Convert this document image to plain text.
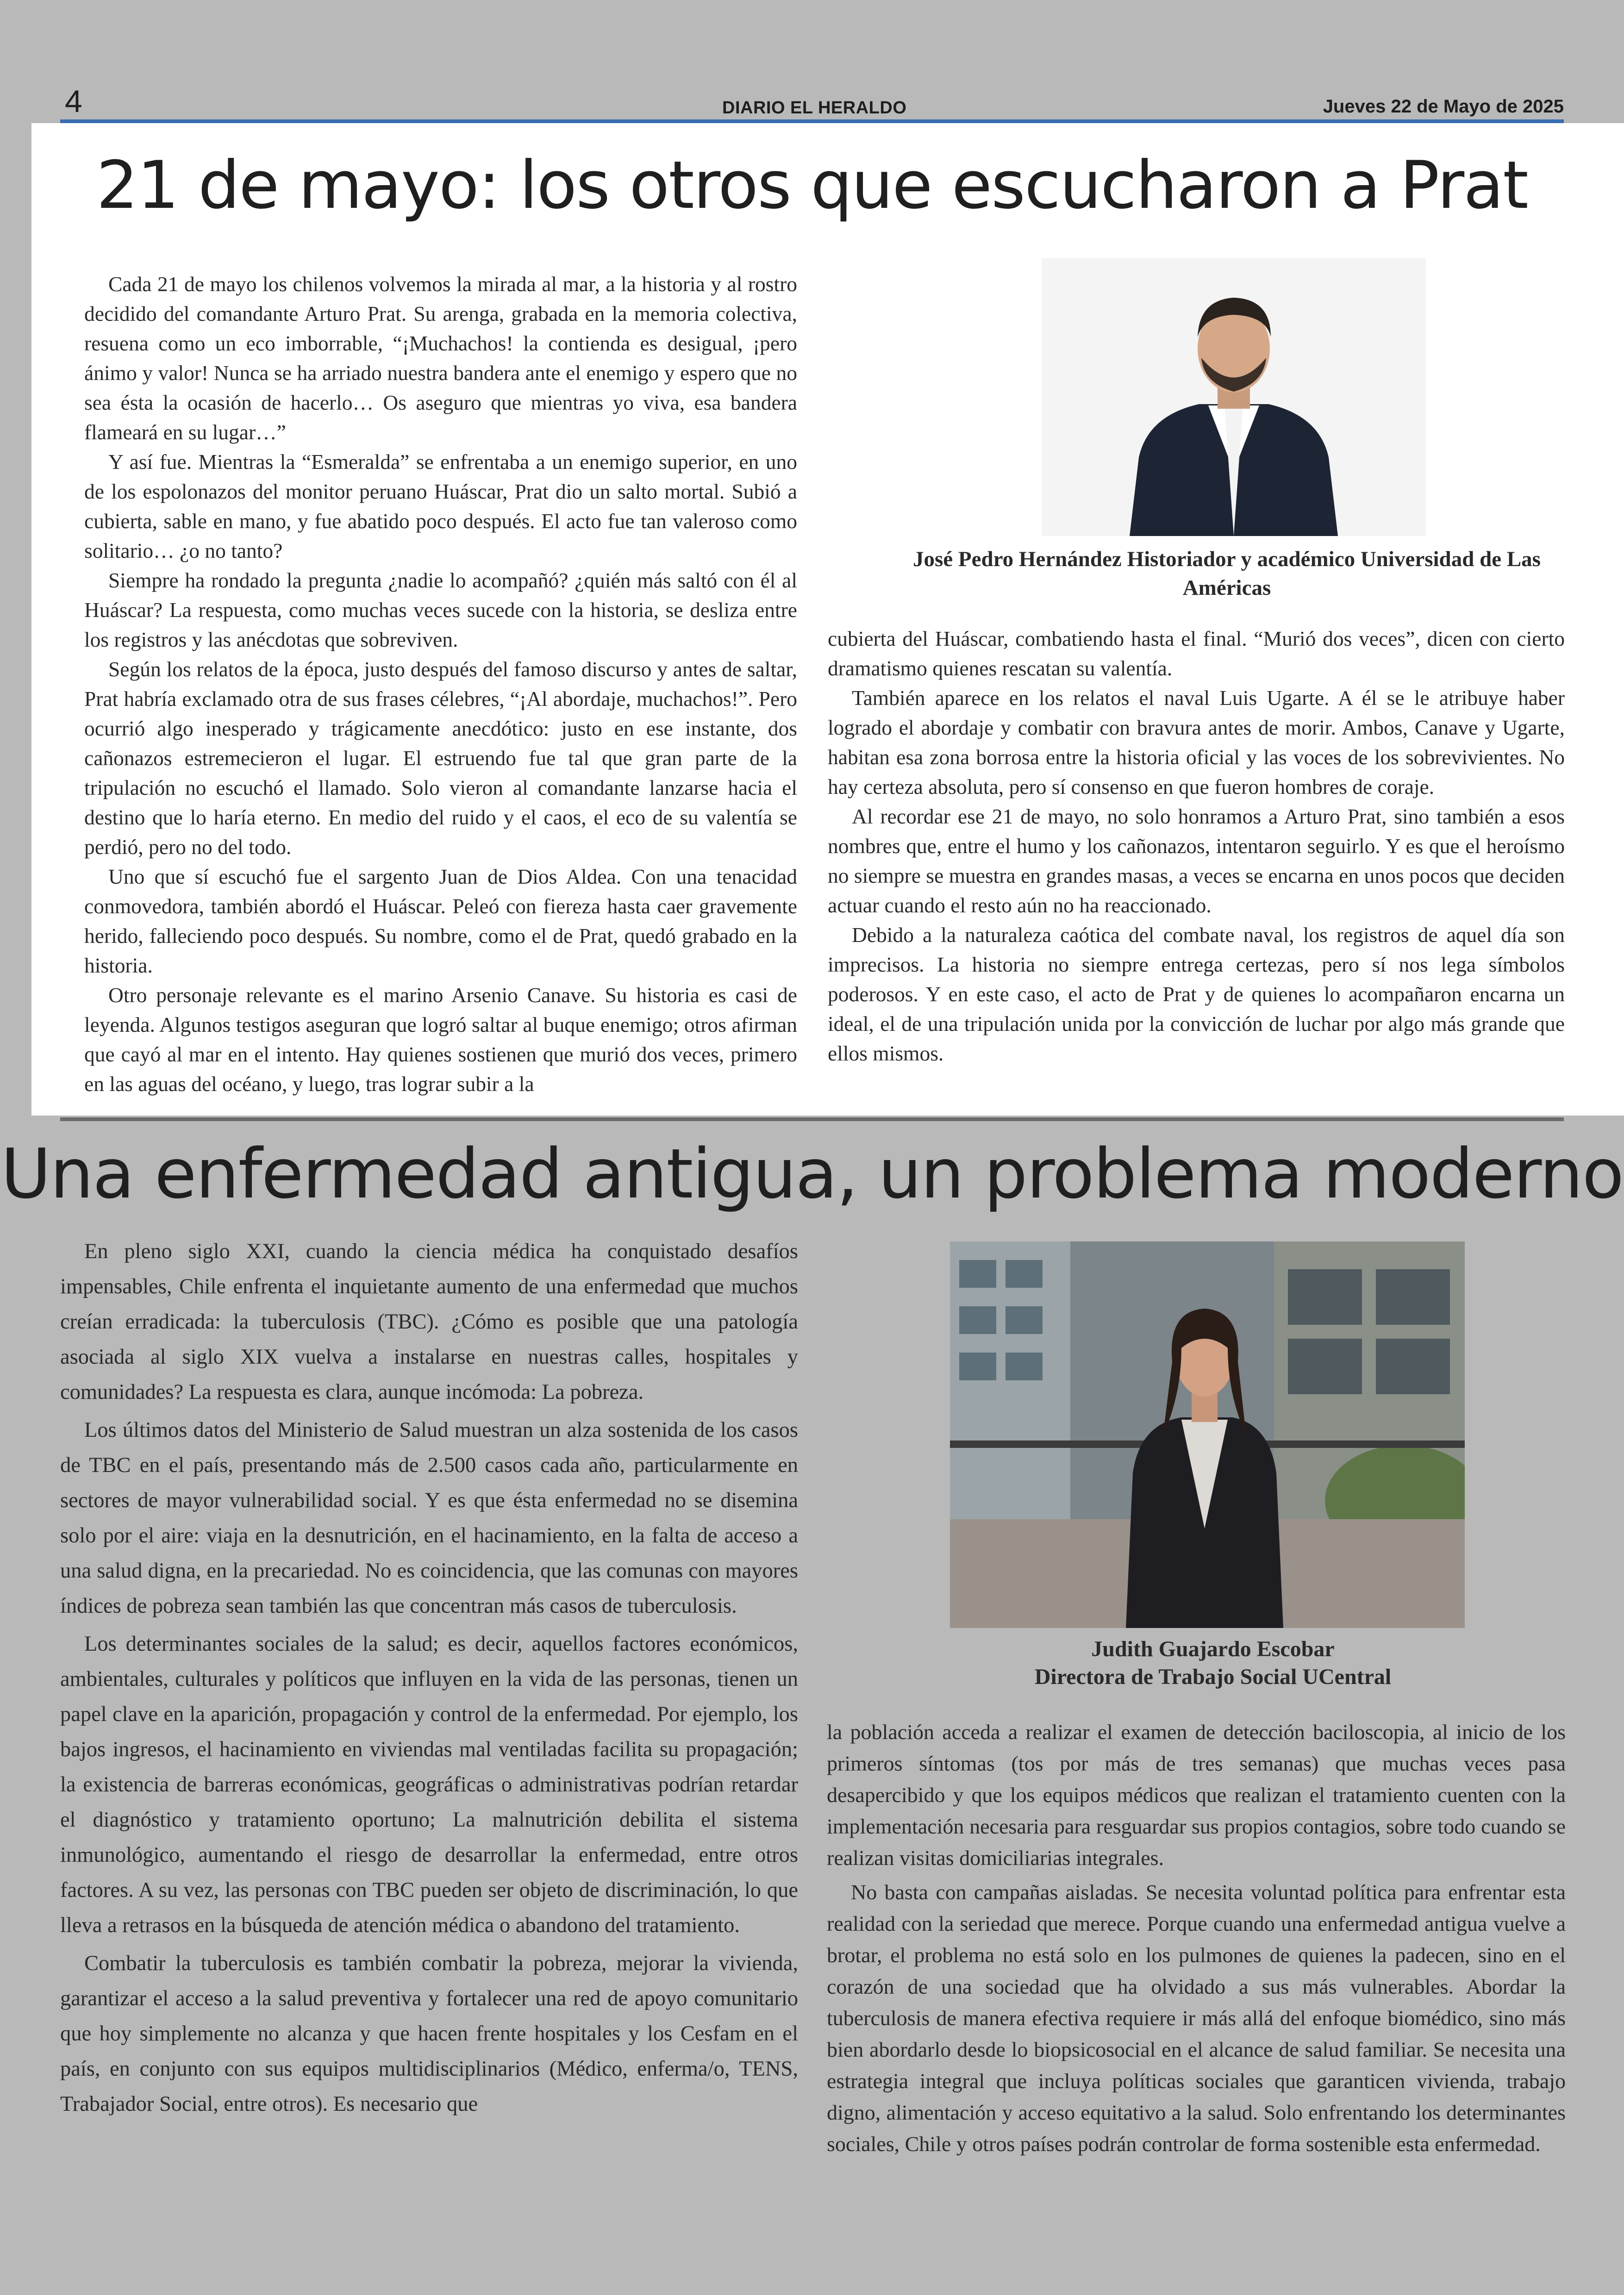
4	DIARIO EL HERALDO	Jueves 22 de Mayo de 2025
21 de mayo: los otros que escucharon a Prat

Cada 21 de mayo los chilenos volvemos la mirada al mar, a la historia y al rostro decidido del comandante Arturo Prat. Su arenga, grabada en la memoria colectiva, resuena como un eco imborrable, “¡Muchachos! la contienda es desigual, ¡pero ánimo y valor! Nunca se ha arriado nuestra bandera ante el enemigo y espero que no sea ésta la ocasión de hacerlo… Os aseguro que mientras yo viva, esa bandera flameará en su lugar…”

Y así fue. Mientras la “Esmeralda” se enfrentaba a un enemigo superior, en uno de los espolonazos del monitor peruano Huáscar, Prat dio un salto mortal. Subió a cubierta, sable en mano, y fue abatido poco después. El acto fue tan valeroso como solitario… ¿o no tanto?

Siempre ha rondado la pregunta ¿nadie lo acompañó? ¿quién más saltó con él al Huáscar? La respuesta, como muchas veces sucede con la historia, se desliza entre los registros y las anécdotas que sobreviven.

Según los relatos de la época, justo después del famoso discurso y antes de saltar, Prat habría exclamado otra de sus frases célebres, “¡Al abordaje, muchachos!”. Pero ocurrió algo inesperado y trágicamente anecdótico: justo en ese instante, dos cañonazos estremecieron el lugar. El estruendo fue tal que gran parte de la tripulación no escuchó el llamado. Solo vieron al comandante lanzarse hacia el destino que lo haría eterno. En medio del ruido y el caos, el eco de su valentía se perdió, pero no del todo.

Uno que sí escuchó fue el sargento Juan de Dios Aldea. Con una tenacidad conmovedora, también abordó el Huáscar. Peleó con fiereza hasta caer gravemente herido, falleciendo poco después. Su nombre, como el de Prat, quedó grabado en la historia.

Otro personaje relevante es el marino Arsenio Canave. Su historia es casi de leyenda. Algunos testigos aseguran que logró saltar al buque enemigo; otros afirman que cayó al mar en el intento. Hay quienes sostienen que murió dos veces, primero en las aguas del océano, y luego, tras lograr subir a la

José Pedro Hernández Historiador y académico Universidad de Las Américas

cubierta del Huáscar, combatiendo hasta el final. “Murió dos veces”, dicen con cierto dramatismo quienes rescatan su valentía.

También aparece en los relatos el naval Luis Ugarte. A él se le atribuye haber logrado el abordaje y combatir con bravura antes de morir. Ambos, Canave y Ugarte, habitan esa zona borrosa entre la historia oficial y las voces de los sobrevivientes. No hay certeza absoluta, pero sí consenso en que fueron hombres de coraje.

Al recordar ese 21 de mayo, no solo honramos a Arturo Prat, sino también a esos nombres que, entre el humo y los cañonazos, intentaron seguirlo. Y es que el heroísmo no siempre se muestra en grandes masas, a veces se encarna en unos pocos que deciden actuar cuando el resto aún no ha reaccionado.

Debido a la naturaleza caótica del combate naval, los registros de aquel día son imprecisos. La historia no siempre entrega certezas, pero sí nos lega símbolos poderosos. Y en este caso, el acto de Prat y de quienes lo acompañaron encarna un ideal, el de una tripulación unida por la convicción de luchar por algo más grande que ellos mismos.

Una enfermedad antigua, un problema moderno

En pleno siglo XXI, cuando la ciencia médica ha conquistado desafíos impensables, Chile enfrenta el inquietante aumento de una enfermedad que muchos creían erradicada: la tuberculosis (TBC). ¿Cómo es posible que una patología asociada al siglo XIX vuelva a instalarse en nuestras calles, hospitales y comunidades? La respuesta es clara, aunque incómoda: La pobreza.

Los últimos datos del Ministerio de Salud muestran un alza sostenida de los casos de TBC en el país, presentando más de 2.500 casos cada año, particularmente en sectores de mayor vulnerabilidad social. Y es que ésta enfermedad no se disemina solo por el aire: viaja en la desnutrición, en el hacinamiento, en la falta de acceso a una salud digna, en la precariedad. No es coincidencia, que las comunas con mayores índices de pobreza sean también las que concentran más casos de tuberculosis.

Los determinantes sociales de la salud; es decir, aquellos factores económicos, ambientales, culturales y políticos que influyen en la vida de las personas, tienen un papel clave en la aparición, propagación y control de la enfermedad. Por ejemplo, los bajos ingresos, el hacinamiento en viviendas mal ventiladas facilita su propagación; la existencia de barreras económicas, geográficas o administrativas podrían retardar el diagnóstico y tratamiento oportuno; La malnutrición debilita el sistema inmunológico, aumentando el riesgo de desarrollar la enfermedad, entre otros factores. A su vez, las personas con TBC pueden ser objeto de discriminación, lo que lleva a retrasos en la búsqueda de atención médica o abandono del tratamiento.

Combatir la tuberculosis es también combatir la pobreza, mejorar la vivienda, garantizar el acceso a la salud preventiva y fortalecer una red de apoyo comunitario que hoy simplemente no alcanza y que hacen frente hospitales y los Cesfam en el país, en conjunto con sus equipos multidisciplinarios (Médico, enferma/o, TENS, Trabajador Social, entre otros). Es necesario que

Judith Guajardo Escobar
Directora de Trabajo Social UCentral

la población acceda a realizar el examen de detección baciloscopia, al inicio de los primeros síntomas (tos por más de tres semanas) que muchas veces pasa desapercibido y que los equipos médicos que realizan el tratamiento cuenten con la implementación necesaria para resguardar sus propios contagios, sobre todo cuando se realizan visitas domiciliarias integrales.

No basta con campañas aisladas. Se necesita voluntad política para enfrentar esta realidad con la seriedad que merece. Porque cuando una enfermedad antigua vuelve a brotar, el problema no está solo en los pulmones de quienes la padecen, sino en el corazón de una sociedad que ha olvidado a sus más vulnerables. Abordar la tuberculosis de manera efectiva requiere ir más allá del enfoque biomédico, sino más bien abordarlo desde lo biopsicosocial en el alcance de salud familiar. Se necesita una estrategia integral que incluya políticas sociales que garanticen vivienda, trabajo digno, alimentación y acceso equitativo a la salud. Solo enfrentando los determinantes sociales, Chile y otros países podrán controlar de forma sostenible esta enfermedad.
